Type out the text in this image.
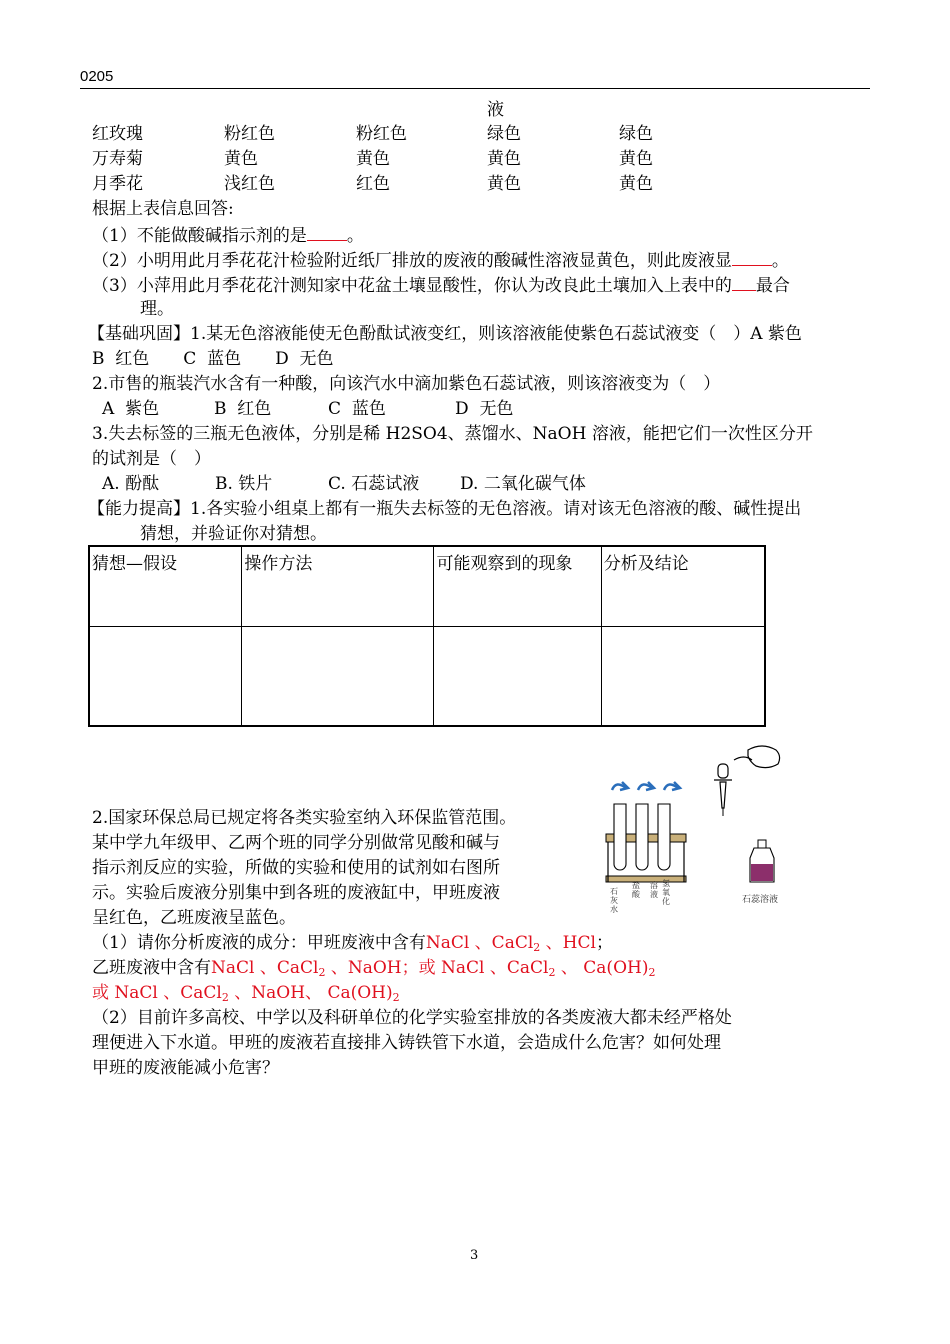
0205
液
红玫瑰	粉红色	粉红色	绿色	绿色
万寿菊	黄色	黄色	黄色	黄色
月季花	浅红色	红色	黄色	黄色
根据上表信息回答:
（1）不能做酸碱指示剂的是 。
（2）小明用此月季花花汁检验附近纸厂排放的废液的酸碱性溶液显黄色，则此废液显 。
（3）小萍用此月季花花汁测知家中花盆土壤显酸性，你认为改良此土壤加入上表中的 最合
理。
【基础巩固】1.某无色溶液能使无色酚酞试液变红，则该溶液能使紫色石蕊试液变（　）A 紫色
B  红色　　C  蓝色　　D  无色
2.市售的瓶装汽水含有一种酸，向该汽水中滴加紫色石蕊试液，则该溶液变为（　）
A  紫色	B  红色	C  蓝色	D  无色
3.失去标签的三瓶无色液体，分别是稀 H2SO4、蒸馏水、NaOH 溶液，能把它们一次性区分开
的试剂是（　）
A. 酚酞	B. 铁片	C. 石蕊试液 D. 二氧化碳气体
【能力提高】1.各实验小组桌上都有一瓶失去标签的无色溶液。请对该无色溶液的酸、碱性提出
猜想，并验证你对猜想。
猜想—假设	操作方法	可能观察到的现象	分析及结论

2.国家环保总局已规定将各类实验室纳入环保监管范围。
某中学九年级甲、乙两个班的同学分别做常见酸和碱与
指示剂反应的实验，所做的实验和使用的试剂如右图所
示。实验后废液分别集中到各班的废液缸中，甲班废液
呈红色，乙班废液呈蓝色。
（1）请你分析废液的成分：甲班废液中含有NaCl 、CaCl$_2$ 、HCl；
乙班废液中含有NaCl 、CaCl$_2$ 、NaOH；或 NaCl 、CaCl$_2$ 、 $Ca(OH)_2$
或 NaCl 、CaCl$_2$ 、NaOH、 $Ca(OH)_2$
（2）目前许多高校、中学以及科研单位的化学实验室排放的各类废液大都未经严格处
理便进入下水道。甲班的废液若直接排入铸铁管下水道，会造成什么危害？如何处理
甲班的废液能减小危害？
石
灰
水
盐
酸
溶
液
氢
氧
化	石蕊溶液
3
